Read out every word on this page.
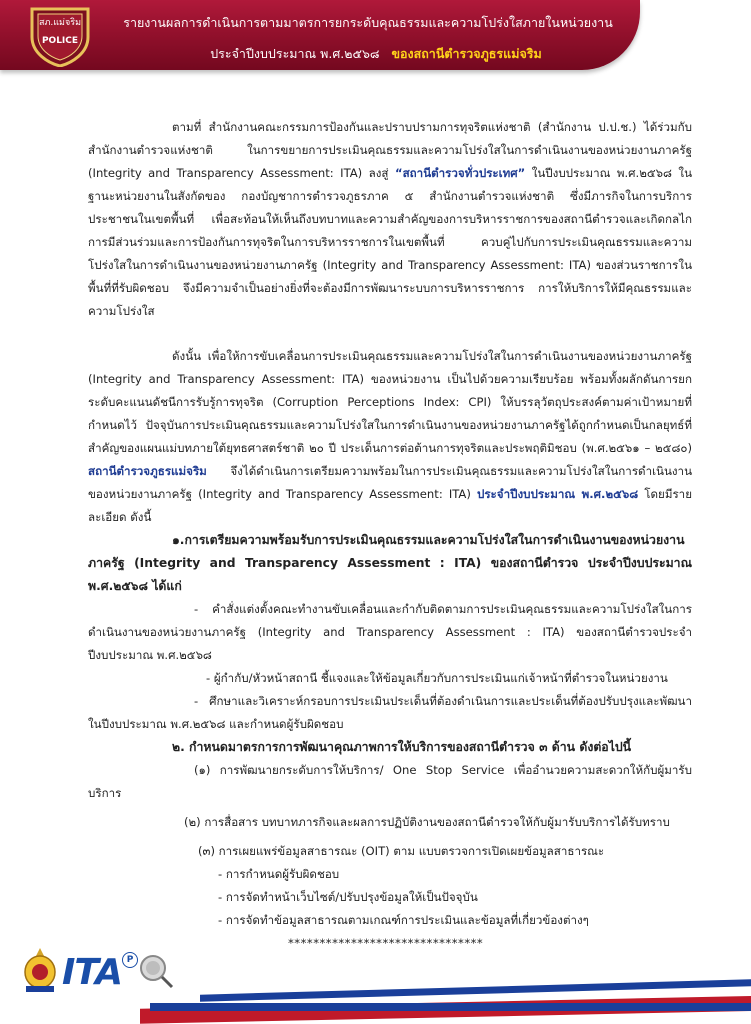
สภ.แม่จริม
POLICE
รายงานผลการดำเนินการตามมาตรการยกระดับคุณธรรมและความโปร่งใสภายในหน่วยงาน
ประจำปีงบประมาณ พ.ศ.๒๕๖๘ ของสถานีตำรวจภูธรแม่จริม

ตามที่ สำนักงานคณะกรรมการป้องกันและปราบปรามการทุจริตแห่งชาติ (สำนักงาน ป.ป.ช.) ได้ร่วมกับสำนักงานตำรวจแห่งชาติ ในการขยายการประเมินคุณธรรมและความโปร่งใสในการดำเนินงานของหน่วยงานภาครัฐ (Integrity and Transparency Assessment: ITA) ลงสู่ “สถานีตำรวจทั่วประเทศ” ในปีงบประมาณ พ.ศ.๒๕๖๘ ในฐานะหน่วยงานในสังกัดของ กองบัญชาการตำรวจภูธรภาค ๕ สำนักงานตำรวจแห่งชาติ ซึ่งมีภารกิจในการบริการประชาชนในเขตพื้นที่ เพื่อสะท้อนให้เห็นถึงบทบาทและความสำคัญของการบริหารราชการของสถานีตำรวจและเกิดกลไกการมีส่วนร่วมและการป้องกันการทุจริตในการบริหารราชการในเขตพื้นที่ ควบคู่ไปกับการประเมินคุณธรรมและความโปร่งใสในการดำเนินงานของหน่วยงานภาครัฐ (Integrity and Transparency Assessment: ITA) ของส่วนราชการในพื้นที่ที่รับผิดชอบ จึงมีความจำเป็นอย่างยิ่งที่จะต้องมีการพัฒนาระบบการบริหารราชการ การให้บริการให้มีคุณธรรมและความโปร่งใส

ดังนั้น เพื่อให้การขับเคลื่อนการประเมินคุณธรรมและความโปร่งใสในการดำเนินงานของหน่วยงานภาครัฐ (Integrity and Transparency Assessment: ITA) ของหน่วยงาน เป็นไปด้วยความเรียบร้อย พร้อมทั้งผลักดันการยกระดับคะแนนดัชนีการรับรู้การทุจริต (Corruption Perceptions Index: CPI) ให้บรรลุวัตถุประสงค์ตามค่าเป้าหมายที่กำหนดไว้ ปัจจุบันการประเมินคุณธรรมและความโปร่งใสในการดำเนินงานของหน่วยงานภาครัฐได้ถูกกำหนดเป็นกลยุทธ์ที่สำคัญของแผนแม่บทภายใต้ยุทธศาสตร์ชาติ ๒๐ ปี ประเด็นการต่อต้านการทุจริตและประพฤติมิชอบ (พ.ศ.๒๕๖๑ – ๒๕๘๐) สถานีตำรวจภูธรแม่จริม จึงได้ดำเนินการเตรียมความพร้อมในการประเมินคุณธรรมและความโปร่งใสในการดำเนินงานของหน่วยงานภาครัฐ (Integrity and Transparency Assessment: ITA) ประจำปีงบประมาณ พ.ศ.๒๕๖๘ โดยมีรายละเอียด ดังนี้

๑.การเตรียมความพร้อมรับการประเมินคุณธรรมและความโปร่งใสในการดำเนินงานของหน่วยงานภาครัฐ (Integrity and Transparency Assessment : ITA) ของสถานีตำรวจ ประจำปีงบประมาณ พ.ศ.๒๕๖๘ ได้แก่

- คำสั่งแต่งตั้งคณะทำงานขับเคลื่อนและกำกับติดตามการประเมินคุณธรรมและความโปร่งใสในการดำเนินงานของหน่วยงานภาครัฐ (Integrity and Transparency Assessment : ITA) ของสถานีตำรวจประจำปีงบประมาณ พ.ศ.๒๕๖๘

- ผู้กำกับ/หัวหน้าสถานี ชี้แจงและให้ข้อมูลเกี่ยวกับการประเมินแก่เจ้าหน้าที่ตำรวจในหน่วยงาน

- ศึกษาและวิเคราะห์กรอบการประเมินประเด็นที่ต้องดำเนินการและประเด็นที่ต้องปรับปรุงและพัฒนาในปีงบประมาณ พ.ศ.๒๕๖๘ และกำหนดผู้รับผิดชอบ

๒. กำหนดมาตรการการพัฒนาคุณภาพการให้บริการของสถานีตำรวจ ๓ ด้าน ดังต่อไปนี้

(๑) การพัฒนายกระดับการให้บริการ/ One Stop Service เพื่ออำนวยความสะดวกให้กับผู้มารับบริการ

(๒) การสื่อสาร บทบาทภารกิจและผลการปฏิบัติงานของสถานีตำรวจให้กับผู้มารับบริการได้รับทราบ

(๓) การเผยแพร่ข้อมูลสาธารณะ (OIT) ตาม แบบตรวจการเปิดเผยข้อมูลสาธารณะ

- การกำหนดผู้รับผิดชอบ

- การจัดทำหน้าเว็บไซต์/ปรับปรุงข้อมูลให้เป็นปัจจุบัน

- การจัดทำข้อมูลสาธารณตามเกณฑ์การประเมินและข้อมูลที่เกี่ยวข้องต่างๆ

*******************************

ITA P
